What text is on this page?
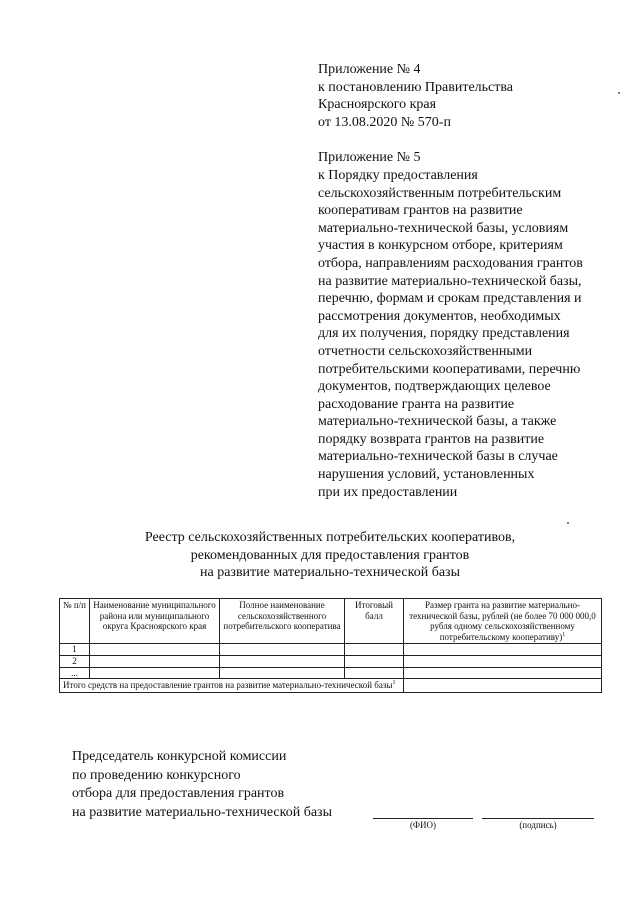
Приложение № 4
к постановлению Правительства
Красноярского края
от 13.08.2020 № 570-п
Приложение № 5
к Порядку предоставления
сельскохозяйственным потребительским
кооперативам грантов на развитие
материально-технической базы, условиям
участия в конкурсном отборе, критериям
отбора, направлениям расходования грантов
на развитие материально-технической базы,
перечню, формам и срокам представления и
рассмотрения документов, необходимых
для их получения, порядку представления
отчетности сельскохозяйственными
потребительскими кооперативами, перечню
документов, подтверждающих целевое
расходование гранта на развитие
материально-технической базы, а также
порядку возврата грантов на развитие
материально-технической базы в случае
нарушения условий, установленных
при их предоставлении
Реестр сельскохозяйственных потребительских кооперативов,
рекомендованных для предоставления грантов
на развитие материально-технической базы
№ п/п	Наименование муниципального района или муниципального округа Красноярского края	Полное наименование сельскохозяйственного потребительского кооператива	Итоговый балл	Размер гранта на развитие материально-технической базы, рублей (не более 70 000 000,0 рубля одному сельскохозяйственному потребительскому кооперативу)$^1$
1				
2				
...				
Итого средств на предоставление грантов на развитие материально-технической базы$^1$	
Председатель конкурсной комиссии
по проведению конкурсного
отбора для предоставления грантов
на развитие материально-технической базы
(ФИО)	(подпись)
